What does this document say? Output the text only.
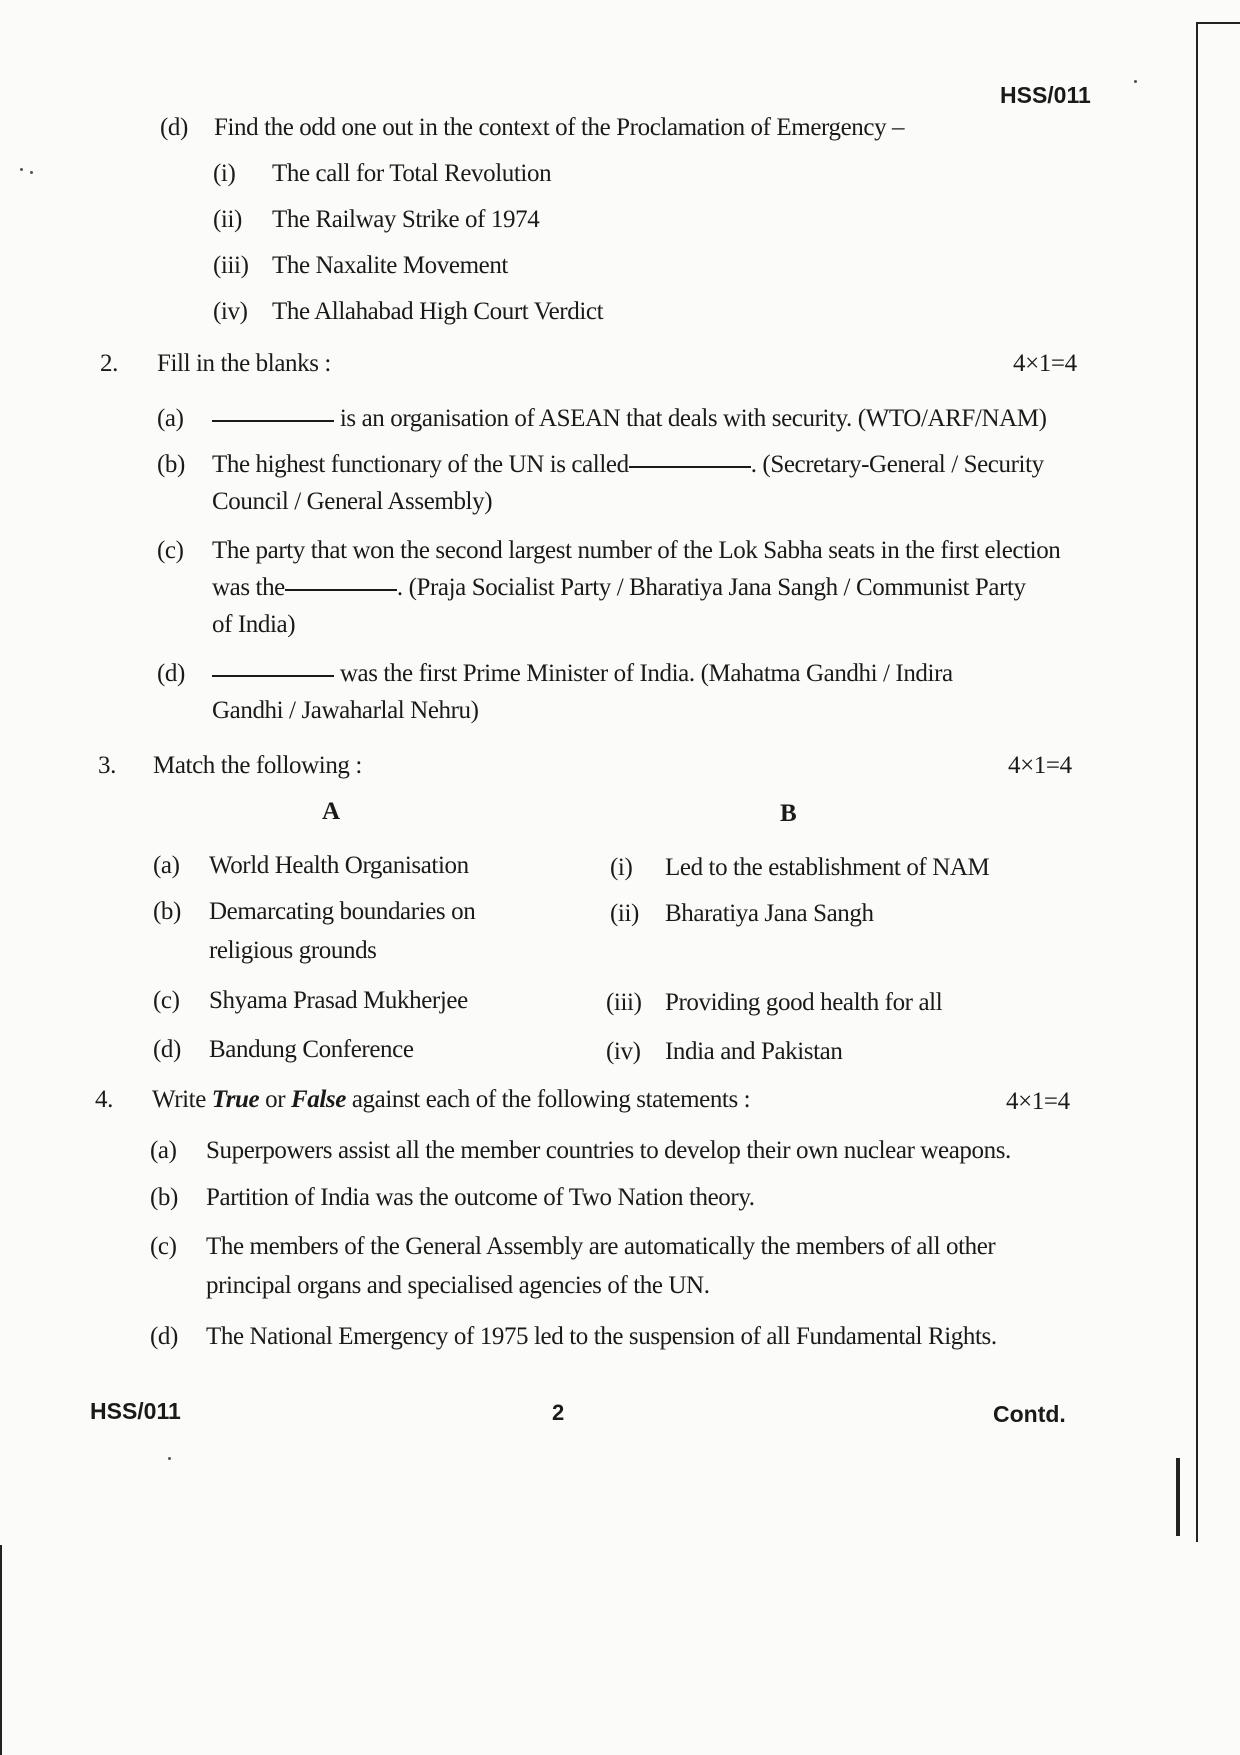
HSS/011
(d) Find the odd one out in the context of the Proclamation of Emergency –
(i) The call for Total Revolution
(ii) The Railway Strike of 1974
(iii) The Naxalite Movement
(iv) The Allahabad High Court Verdict
2. Fill in the blanks :	4×1=4
(a)	is an organisation of ASEAN that deals with security. (WTO/ARF/NAM)
(b) The highest functionary of the UN is called	. (Secretary-General / Security
Council / General Assembly)
(c) The party that won the second largest number of the Lok Sabha seats in the first election
was the	. (Praja Socialist Party / Bharatiya Jana Sangh / Communist Party
of India)
(d)	was the first Prime Minister of India. (Mahatma Gandhi / Indira
Gandhi / Jawaharlal Nehru)
3. Match the following :	4×1=4
A	B
(a) World Health Organisation	(i) Led to the establishment of NAM
(b) Demarcating boundaries on
religious grounds
(ii) Bharatiya Jana Sangh
(c) Shyama Prasad Mukherjee	(iii) Providing good health for all
(d) Bandung Conference	(iv) India and Pakistan
4. Write True or False against each of the following statements :	4×1=4
(a) Superpowers assist all the member countries to develop their own nuclear weapons.
(b) Partition of India was the outcome of Two Nation theory.
(c) The members of the General Assembly are automatically the members of all other
principal organs and specialised agencies of the UN.
(d) The National Emergency of 1975 led to the suspension of all Fundamental Rights.
HSS/011	2	Contd.
